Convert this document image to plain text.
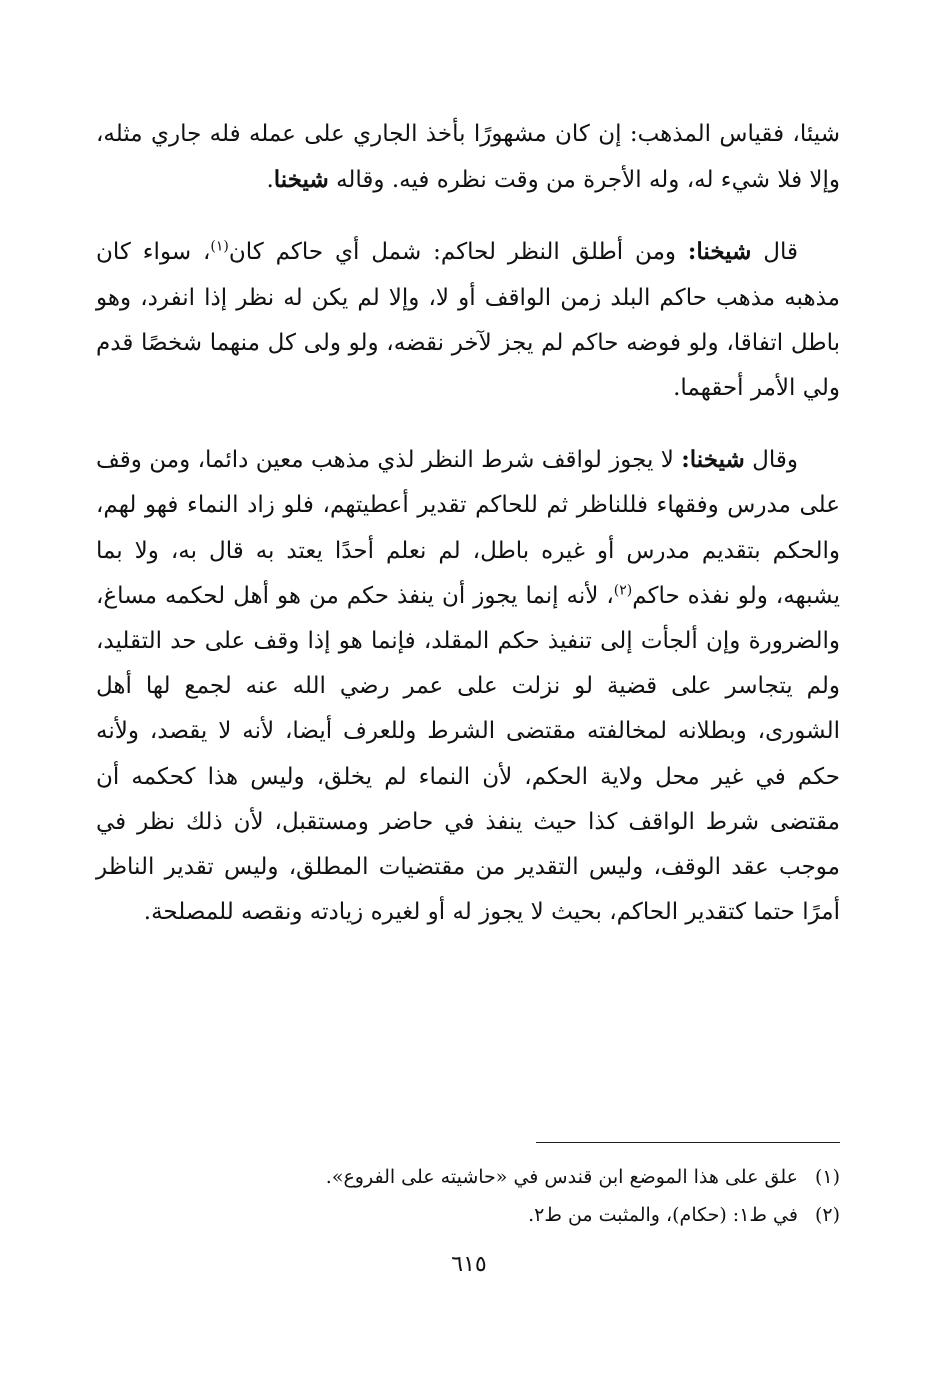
شيئا، فقياس المذهب: إن كان مشهورًا بأخذ الجاري على عمله فله جاري مثله، وإلا فلا شيء له، وله الأجرة من وقت نظره فيه. وقاله شيخنا.

قال شيخنا: ومن أطلق النظر لحاكم: شمل أي حاكم كان$^{(١)}$، سواء كان مذهبه مذهب حاكم البلد زمن الواقف أو لا، وإلا لم يكن له نظر إذا انفرد، وهو باطل اتفاقا، ولو فوضه حاكم لم يجز لآخر نقضه، ولو ولى كل منهما شخصًا قدم ولي الأمر أحقهما.

وقال شيخنا: لا يجوز لواقف شرط النظر لذي مذهب معين دائما، ومن وقف على مدرس وفقهاء فللناظر ثم للحاكم تقدير أعطيتهم، فلو زاد النماء فهو لهم، والحكم بتقديم مدرس أو غيره باطل، لم نعلم أحدًا يعتد به قال به، ولا بما يشبهه، ولو نفذه حاكم$^{(٢)}$، لأنه إنما يجوز أن ينفذ حكم من هو أهل لحكمه مساغ، والضرورة وإن ألجأت إلى تنفيذ حكم المقلد، فإنما هو إذا وقف على حد التقليد، ولم يتجاسر على قضية لو نزلت على عمر رضي الله عنه لجمع لها أهل الشورى، وبطلانه لمخالفته مقتضى الشرط وللعرف أيضا، لأنه لا يقصد، ولأنه حكم في غير محل ولاية الحكم، لأن النماء لم يخلق، وليس هذا كحكمه أن مقتضى شرط الواقف كذا حيث ينفذ في حاضر ومستقبل، لأن ذلك نظر في موجب عقد الوقف، وليس التقدير من مقتضيات المطلق، وليس تقدير الناظر أمرًا حتما كتقدير الحاكم، بحيث لا يجوز له أو لغيره زيادته ونقصه للمصلحة.

(١) علق على هذا الموضع ابن قندس في «حاشيته على الفروع».
(٢) في ط١: (حكام)، والمثبت من ط٢.
٦١٥
